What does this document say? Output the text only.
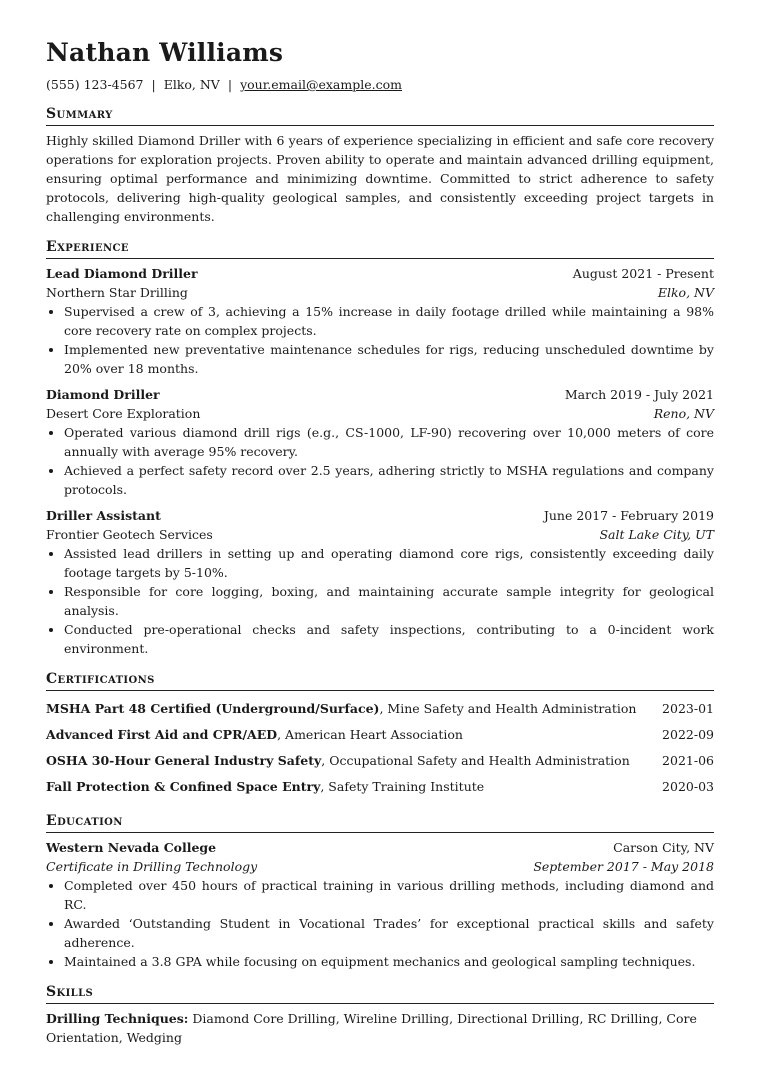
Nathan Williams
(555) 123-4567 | Elko, NV | your.email@example.com
Summary

Highly skilled Diamond Driller with 6 years of experience specializing in efficient and safe core recovery operations for exploration projects. Proven ability to operate and maintain advanced drilling equipment, ensuring optimal performance and minimizing downtime. Committed to strict adherence to safety protocols, delivering high-quality geological samples, and consistently exceeding project targets in challenging environments.

Experience
Lead Diamond Driller	August 2021 - Present
Northern Star Drilling	Elko, NV
• Supervised a crew of 3, achieving a 15% increase in daily footage drilled while maintaining a 98% core recovery rate on complex projects.
• Implemented new preventative maintenance schedules for rigs, reducing unscheduled downtime by 20% over 18 months.
Diamond Driller	March 2019 - July 2021
Desert Core Exploration	Reno, NV
• Operated various diamond drill rigs (e.g., CS-1000, LF-90) recovering over 10,000 meters of core annually with average 95% recovery.
• Achieved a perfect safety record over 2.5 years, adhering strictly to MSHA regulations and company protocols.
Driller Assistant	June 2017 - February 2019
Frontier Geotech Services	Salt Lake City, UT
• Assisted lead drillers in setting up and operating diamond core rigs, consistently exceeding daily footage targets by 5-10%.
• Responsible for core logging, boxing, and maintaining accurate sample integrity for geological analysis.
• Conducted pre-operational checks and safety inspections, contributing to a 0-incident work environment.
Certifications
MSHA Part 48 Certified (Underground/Surface), Mine Safety and Health Administration 2023-01
Advanced First Aid and CPR/AED, American Heart Association	2022-09
OSHA 30-Hour General Industry Safety, Occupational Safety and Health Administration	2021-06
Fall Protection & Confined Space Entry, Safety Training Institute	2020-03
Education
Western Nevada College	Carson City, NV
Certificate in Drilling Technology	September 2017 - May 2018
• Completed over 450 hours of practical training in various drilling methods, including diamond and RC.
• Awarded ‘Outstanding Student in Vocational Trades’ for exceptional practical skills and safety adherence.
• Maintained a 3.8 GPA while focusing on equipment mechanics and geological sampling techniques.
Skills

Drilling Techniques: Diamond Core Drilling, Wireline Drilling, Directional Drilling, RC Drilling, Core Orientation, Wedging
